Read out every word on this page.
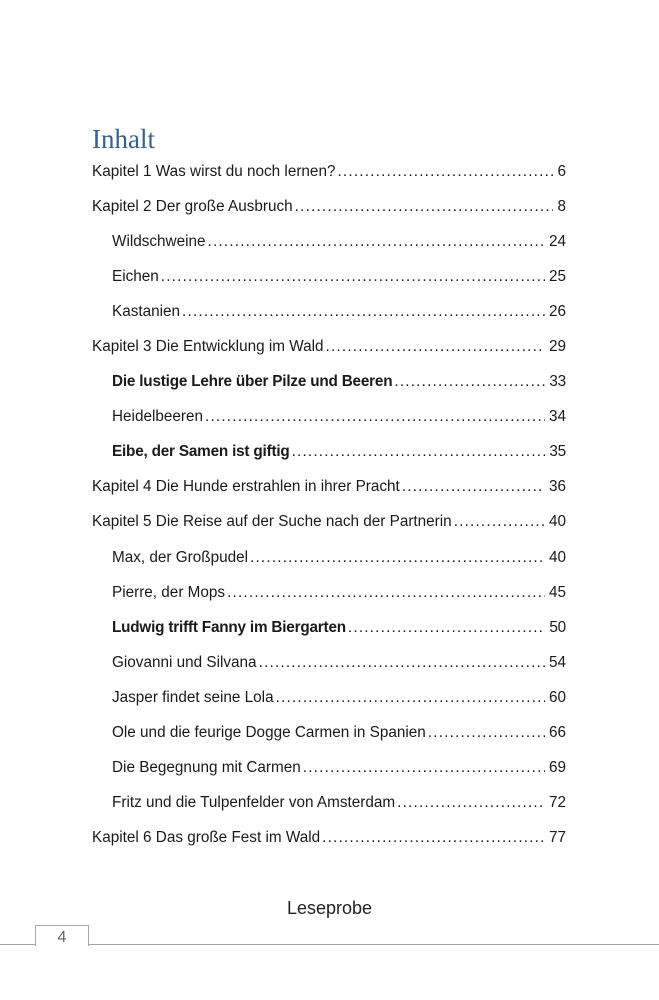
Inhalt
Kapitel 1 Was wirst du noch lernen? .....	6
Kapitel 2 Der große Ausbruch .....	8
Wildschweine .....	24
Eichen .....	25
Kastanien .....	26
Kapitel 3 Die Entwicklung im Wald .....	29
Die lustige Lehre über Pilze und Beeren .....	33
Heidelbeeren .....	34
Eibe, der Samen ist giftig .....	35
Kapitel 4 Die Hunde erstrahlen in ihrer Pracht .....	36
Kapitel 5 Die Reise auf der Suche nach der Partnerin .....	40
Max, der Großpudel .....	40
Pierre, der Mops .....	45
Ludwig trifft Fanny im Biergarten .....	50
Giovanni und Silvana .....	54
Jasper findet seine Lola .....	60
Ole und die feurige Dogge Carmen in Spanien .....	66
Die Begegnung mit Carmen .....	69
Fritz und die Tulpenfelder von Amsterdam .....	72
Kapitel 6 Das große Fest im Wald .....	77
Leseprobe
4
